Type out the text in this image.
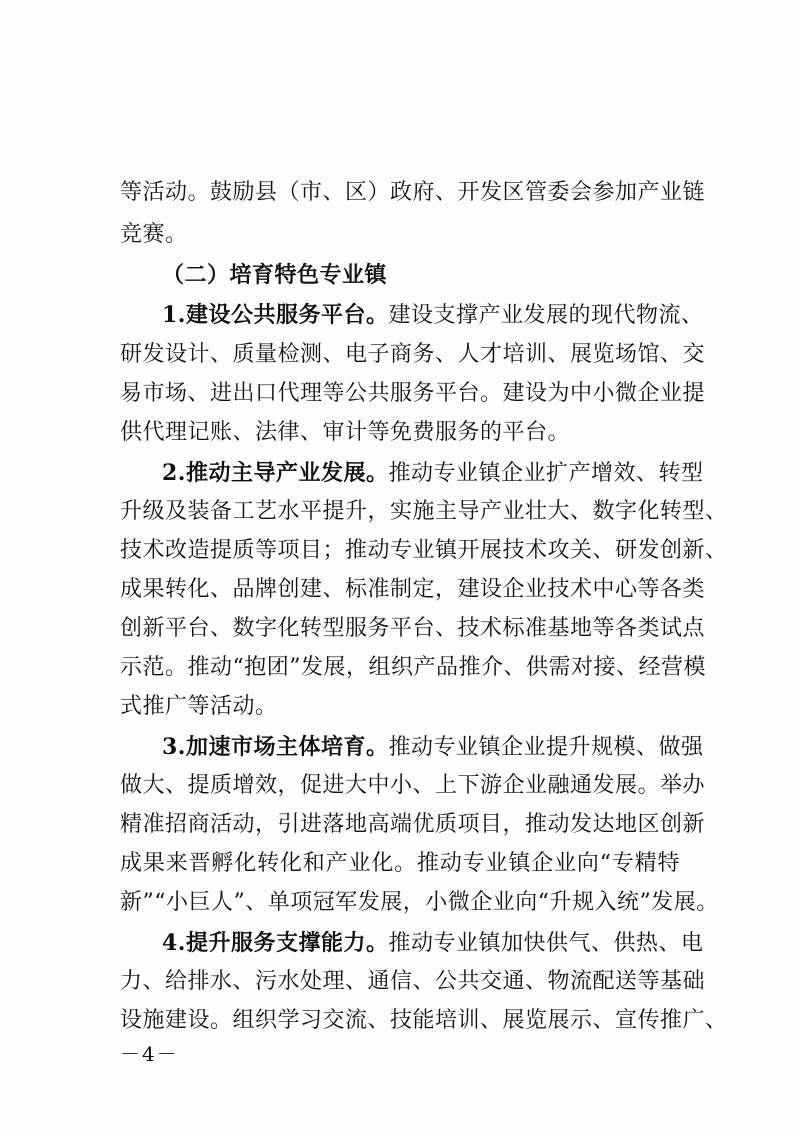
等活动。鼓励县（市、区）政府、开发区管委会参加产业链
竞赛。
（二）培育特色专业镇
1.建设公共服务平台。建设支撑产业发展的现代物流、
研发设计、质量检测、电子商务、人才培训、展览场馆、交
易市场、进出口代理等公共服务平台。建设为中小微企业提
供代理记账、法律、审计等免费服务的平台。
2.推动主导产业发展。推动专业镇企业扩产增效、转型
升级及装备工艺水平提升，实施主导产业壮大、数字化转型、
技术改造提质等项目；推动专业镇开展技术攻关、研发创新、
成果转化、品牌创建、标准制定，建设企业技术中心等各类
创新平台、数字化转型服务平台、技术标准基地等各类试点
示范。推动“抱团”发展，组织产品推介、供需对接、经营模
式推广等活动。
3.加速市场主体培育。推动专业镇企业提升规模、做强
做大、提质增效，促进大中小、上下游企业融通发展。举办
精准招商活动，引进落地高端优质项目，推动发达地区创新
成果来晋孵化转化和产业化。推动专业镇企业向“专精特
新”“小巨人”、单项冠军发展，小微企业向“升规入统”发展。
4.提升服务支撑能力。推动专业镇加快供气、供热、电
力、给排水、污水处理、通信、公共交通、物流配送等基础
设施建设。组织学习交流、技能培训、展览展示、宣传推广、
－4－
